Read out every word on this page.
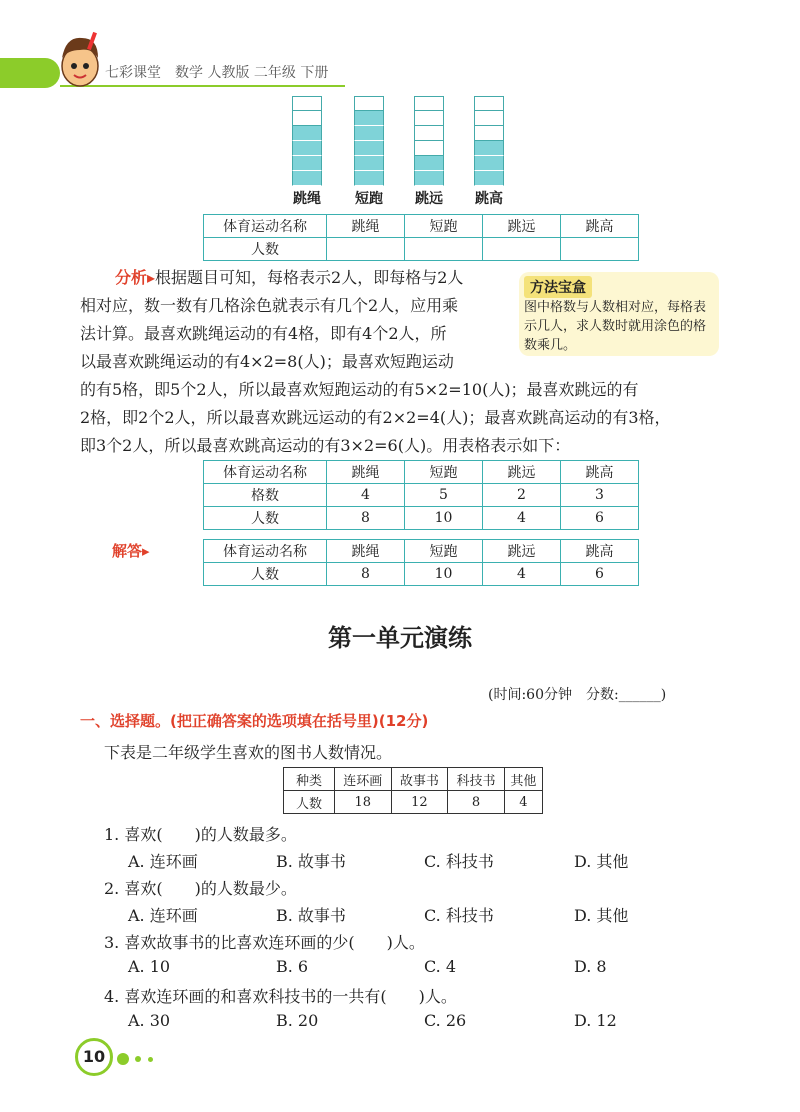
七彩课堂　数学 人教版 二年级 下册
跳绳	短跑	跳远	跳高
体育运动名称	跳绳	短跑	跳远	跳高
人数				
分析▸根据题目可知，每格表示2人，即每格与2人
相对应，数一数有几格涂色就表示有几个2人，应用乘
法计算。最喜欢跳绳运动的有4格，即有4个2人，所
以最喜欢跳绳运动的有4×2=8(人)；最喜欢短跑运动
的有5格，即5个2人，所以最喜欢短跑运动的有5×2=10(人)；最喜欢跳远的有
2格，即2个2人，所以最喜欢跳远运动的有2×2=4(人)；最喜欢跳高运动的有3格，
即3个2人，所以最喜欢跳高运动的有3×2=6(人)。用表格表示如下：
方法宝盒
图中格数与人数相对应，每格表示几人，求人数时就用涂色的格数乘几。
体育运动名称	跳绳	短跑	跳远	跳高
格数	4	5	2	3
人数	8	10	4	6
解答▸	体育运动名称	跳绳	短跑	跳远	跳高
人数	8	10	4	6
第一单元演练
(时间:60分钟　分数:______)
一、选择题。(把正确答案的选项填在括号里)(12分)
下表是二年级学生喜欢的图书人数情况。
种类	连环画	故事书	科技书	其他
人数	18	12	8	4
1. 喜欢(　　)的人数最多。
A. 连环画	B. 故事书	C. 科技书	D. 其他
2. 喜欢(　　)的人数最少。
A. 连环画	B. 故事书	C. 科技书	D. 其他
3. 喜欢故事书的比喜欢连环画的少(　　)人。
A. 10	B. 6	C. 4	D. 8
4. 喜欢连环画的和喜欢科技书的一共有(　　)人。
A. 30	B. 20	C. 26	D. 12
10
